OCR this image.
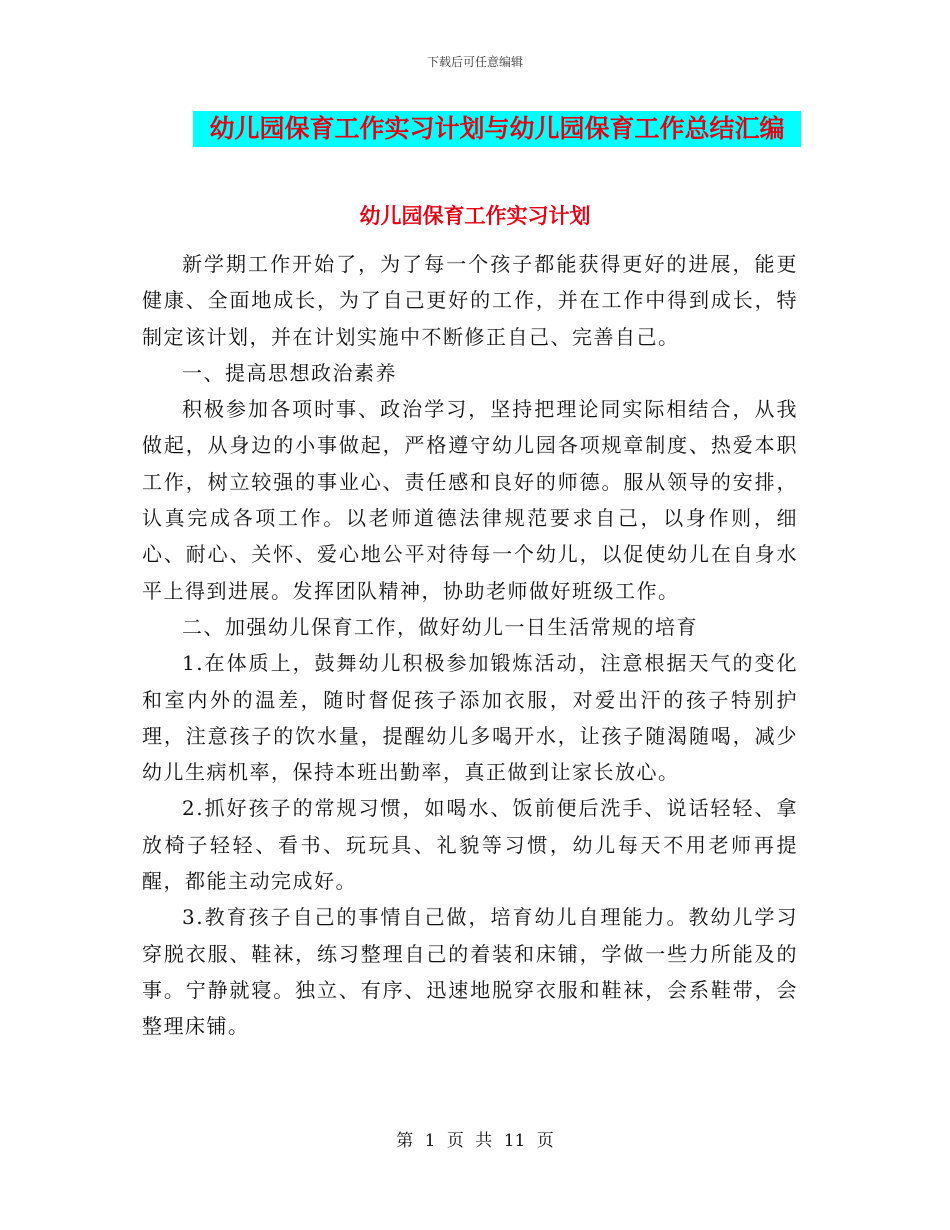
下载后可任意编辑
幼儿园保育工作实习计划与幼儿园保育工作总结汇编
幼儿园保育工作实习计划

新学期工作开始了，为了每一个孩子都能获得更好的进展，能更健康、全面地成长，为了自己更好的工作，并在工作中得到成长，特制定该计划，并在计划实施中不断修正自己、完善自己。

一、提高思想政治素养

积极参加各项时事、政治学习，坚持把理论同实际相结合，从我做起，从身边的小事做起，严格遵守幼儿园各项规章制度、热爱本职工作，树立较强的事业心、责任感和良好的师德。服从领导的安排，认真完成各项工作。以老师道德法律规范要求自己，以身作则，细心、耐心、关怀、爱心地公平对待每一个幼儿，以促使幼儿在自身水平上得到进展。发挥团队精神，协助老师做好班级工作。

二、加强幼儿保育工作，做好幼儿一日生活常规的培育

1.在体质上，鼓舞幼儿积极参加锻炼活动，注意根据天气的变化和室内外的温差，随时督促孩子添加衣服，对爱出汗的孩子特别护理，注意孩子的饮水量，提醒幼儿多喝开水，让孩子随渴随喝，减少幼儿生病机率，保持本班出勤率，真正做到让家长放心。

2.抓好孩子的常规习惯，如喝水、饭前便后洗手、说话轻轻、拿放椅子轻轻、看书、玩玩具、礼貌等习惯，幼儿每天不用老师再提醒，都能主动完成好。

3.教育孩子自己的事情自己做，培育幼儿自理能力。教幼儿学习穿脱衣服、鞋袜，练习整理自己的着装和床铺，学做一些力所能及的事。宁静就寝。独立、有序、迅速地脱穿衣服和鞋袜，会系鞋带，会整理床铺。

第 1 页 共 11 页
